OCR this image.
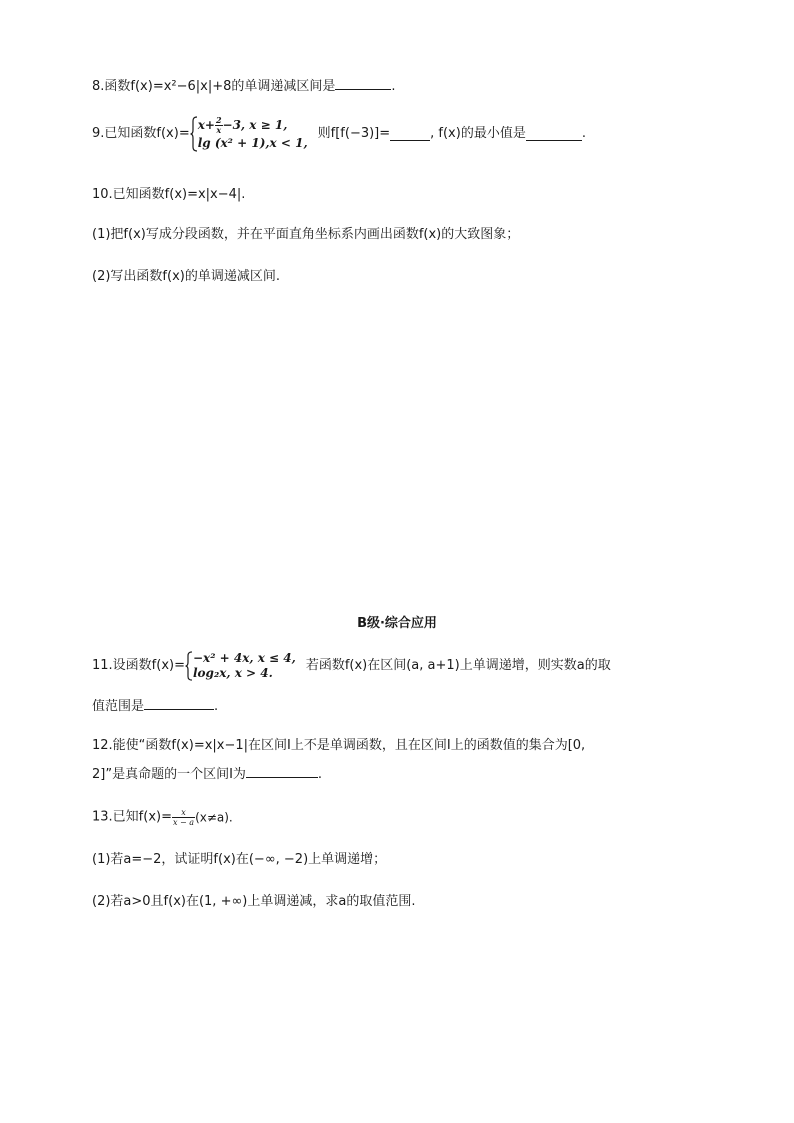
8.函数f(x)=x²−6|x|+8的单调递减区间是	.
9.已知函数f(x)=
$x+ \frac{2}{x} -3$, x ≥ 1,
lg (x² + 1),x < 1,
则f[f(−3)]=	, f(x)的最小值是	.
10.已知函数f(x)=x|x−4|.
(1)把f(x)写成分段函数，并在平面直角坐标系内画出函数f(x)的大致图象；
(2)写出函数f(x)的单调递减区间.
B级·综合应用
11.设函数f(x)= −x² + 4x, x ≤ 4,
log₂x, x > 4.	若函数f(x)在区间(a, a+1)上单调递增，则实数a的取
值范围是	.
12.能使“函数f(x)=x|x−1|在区间I上不是单调函数，且在区间I上的函数值的集合为[0,
2]”是真命题的一个区间I为	.
13.已知$f(x)= \frac{x}{x - a} (x\ne a)$.
(1)若a=−2，试证明f(x)在(−∞, −2)上单调递增；
(2)若a>0且f(x)在(1, +∞)上单调递减，求a的取值范围.
